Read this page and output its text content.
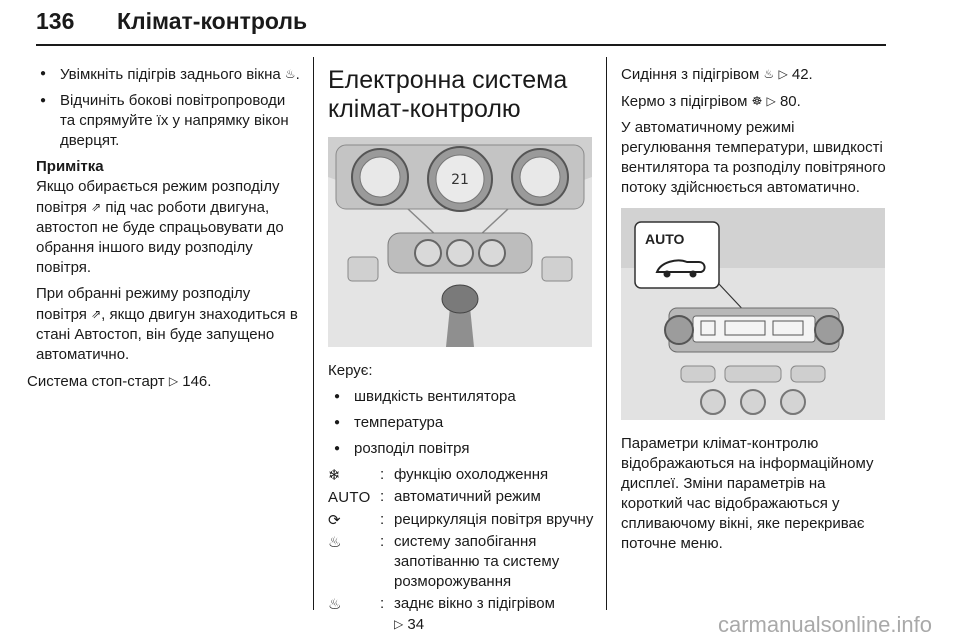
136 Клімат-контроль
● Увімкніть підігрів заднього вікна ♨.
● Відчиніть бокові повітропроводи та спрямуйте їх у напрямку вікон дверцят.

Примітка

Якщо обирається режим розподілу повітря ⇗ під час роботи двигуна, автостоп не буде спрацьовувати до обрання іншого виду розподілу повітря.

При обранні режиму розподілу повітря ⇗, якщо двигун знаходиться в стані Автостоп, він буде запущено автоматично.

Система стоп-старт ▷ 146.

Електронна система клімат-контролю
21

Керує:

● швидкість вентилятора
● температура
● розподіл повітря
❄	:	функцію охолодження
AUTO	:	автоматичний режим
⟳	:	рециркуляція повітря вручну
♨	:	систему запобігання запотіванню та систему розморожування
♨	:	заднє вікно з підігрівом
▷ 34

Сидіння з підігрівом ♨ ▷ 42.

Кермо з підігрівом ☸ ▷ 80.

У автоматичному режимі регулювання температури, швидкості вентилятора та розподілу повітряного потоку здійснюється автоматично.

AUTO

Параметри клімат-контролю відображаються на інформаційному дисплеї. Зміни параметрів на короткий час відображаються у спливаючому вікні, яке перекриває поточне меню.

carmanualsonline.info
